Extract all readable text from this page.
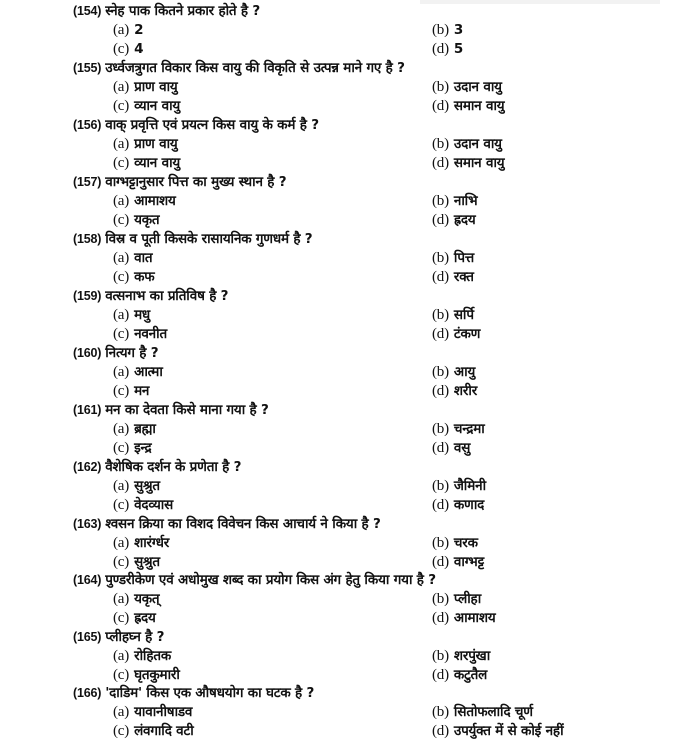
(154) स्नेह पाक कितने प्रकार होते है ?
(a) 2	(b) 3
(c) 4	(d) 5
(155) उर्ध्वजत्रुगत विकार किस वायु की विकृति से उत्पन्न माने गए है ?
(a) प्राण वायु	(b) उदान वायु
(c) व्यान वायु	(d) समान वायु
(156) वाक् प्रवृत्ति एवं प्रयत्न किस वायु के कर्म है ?
(a) प्राण वायु	(b) उदान वायु
(c) व्यान वायु	(d) समान वायु
(157) वाग्भट्टानुसार पित्त का मुख्य स्थान है ?
(a) आमाशय	(b) नाभि
(c) यकृत	(d) ह्रदय
(158) विस्र व पूती किसके रासायनिक गुणधर्म है ?
(a) वात	(b) पित्त
(c) कफ	(d) रक्त
(159) वत्सनाभ का प्रतिविष है ?
(a) मधु	(b) सर्पि
(c) नवनीत	(d) टंकण
(160) नित्यग है ?
(a) आत्मा	(b) आयु
(c) मन	(d) शरीर
(161) मन का देवता किसे माना गया है ?
(a) ब्रह्मा	(b) चन्द्रमा
(c) इन्द्र	(d) वसु
(162) वैशेषिक दर्शन के प्रणेता है ?
(a) सुश्रुत	(b) जैमिनी
(c) वेदव्यास	(d) कणाद
(163) श्वसन क्रिया का विशद विवेचन किस आचार्य ने किया है ?
(a) शारंर्ग्धर	(b) चरक
(c) सुश्रुत	(d) वाग्भट्ट
(164) पुण्डरीकेण एवं अधोमुख शब्द का प्रयोग किस अंग हेतु किया गया है ?
(a) यकृत्	(b) प्लीहा
(c) ह्रदय	(d) आमाशय
(165) प्लीहघ्न है ?
(a) रोहितक	(b) शरपुंखा
(c) घृतकुमारी	(d) कटुतैल
(166) 'दाडिम' किस एक औषधयोग का घटक है ?
(a) यावानीषाडव	(b) सितोफलादि चूर्ण
(c) लंवगादि वटी	(d) उपर्युक्त में से कोई नहीं
